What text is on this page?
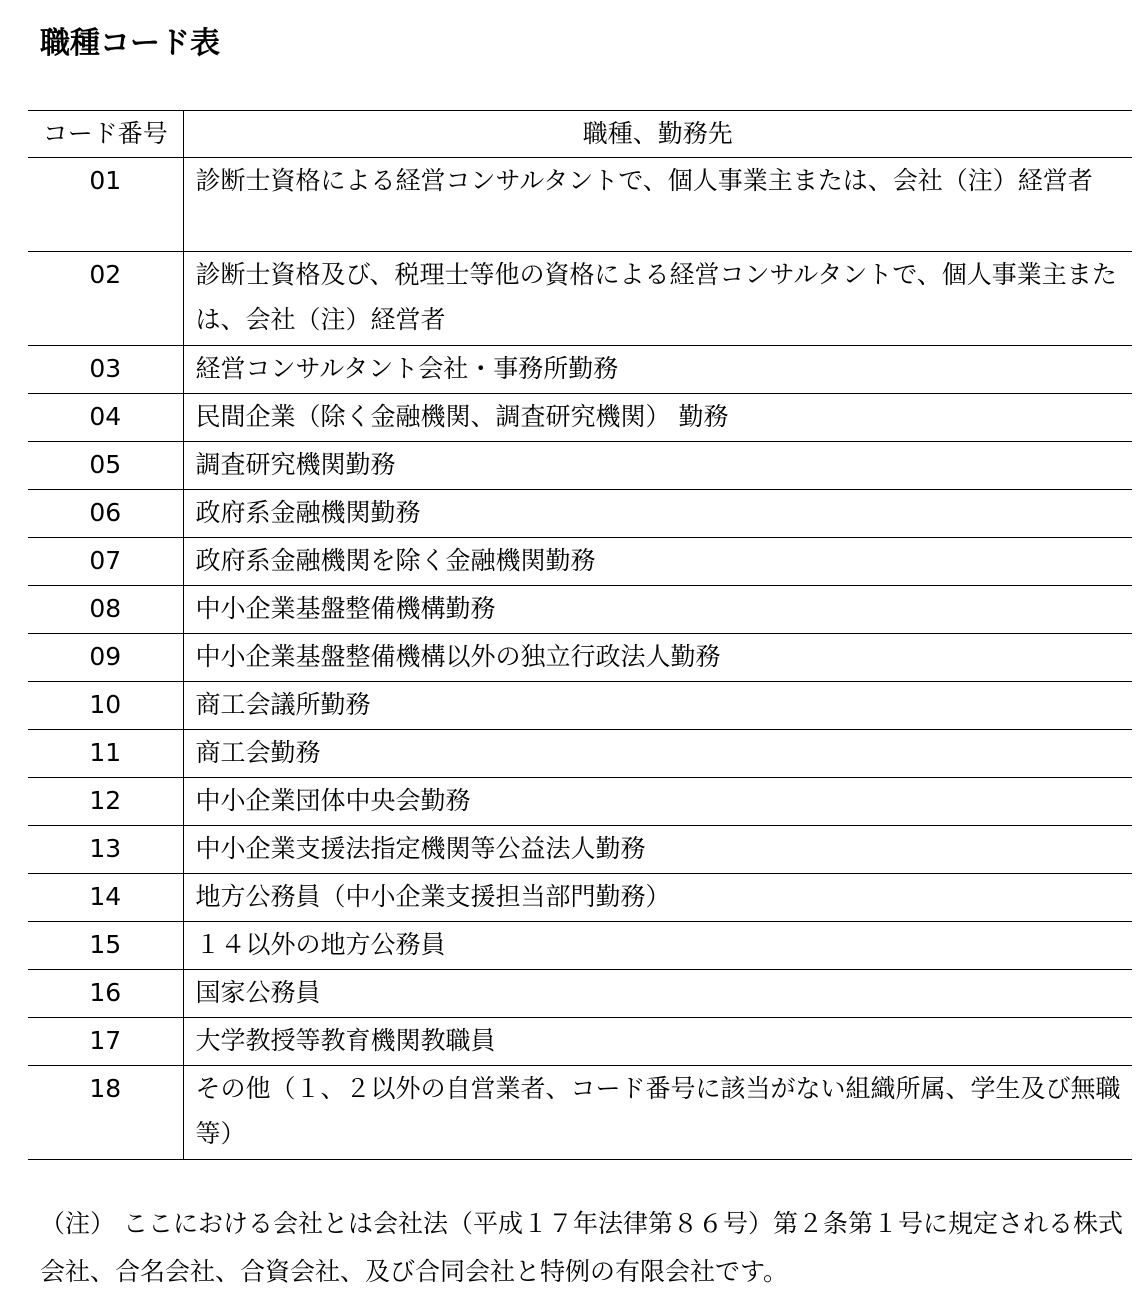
職種コード表
コード番号	職種、勤務先
01	診断士資格による経営コンサルタントで、個人事業主または、会社（注）経営者
02	診断士資格及び、税理士等他の資格による経営コンサルタントで、個人事業主または、会社（注）経営者
03	経営コンサルタント会社・事務所勤務
04	民間企業（除く金融機関、調査研究機関） 勤務
05	調査研究機関勤務
06	政府系金融機関勤務
07	政府系金融機関を除く金融機関勤務
08	中小企業基盤整備機構勤務
09	中小企業基盤整備機構以外の独立行政法人勤務
10	商工会議所勤務
11	商工会勤務
12	中小企業団体中央会勤務
13	中小企業支援法指定機関等公益法人勤務
14	地方公務員（中小企業支援担当部門勤務）
15	１４以外の地方公務員
16	国家公務員
17	大学教授等教育機関教職員
18	その他（１、２以外の自営業者、コード番号に該当がない組織所属、学生及び無職等）
（注） ここにおける会社とは会社法（平成１７年法律第８６号）第２条第１号に規定される株式会社、合名会社、合資会社、及び合同会社と特例の有限会社です。
